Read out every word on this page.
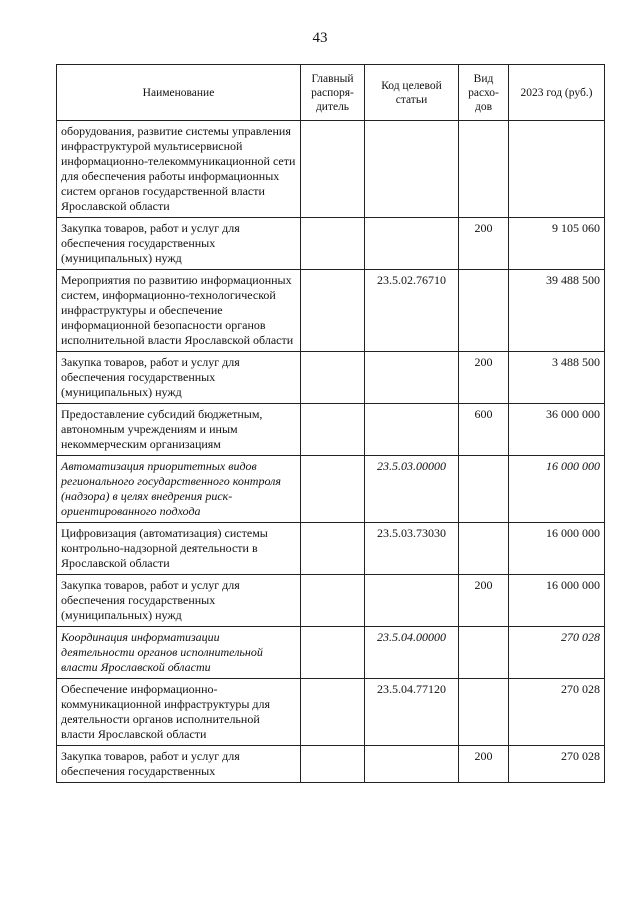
43
Наименование	Главный распоря-дитель	Код целевой статьи	Вид расхо-дов	2023 год (руб.)
оборудования, развитие системы управления инфраструктурой мультисервисной информационно-телекоммуникационной сети для обеспечения работы информационных систем органов государственной власти Ярославской области				
Закупка товаров, работ и услуг для обеспечения государственных (муниципальных) нужд			200	9 105 060
Мероприятия по развитию информационных систем, информационно-технологической инфраструктуры и обеспечение информационной безопасности органов исполнительной власти Ярославской области		23.5.02.76710		39 488 500
Закупка товаров, работ и услуг для обеспечения государственных (муниципальных) нужд			200	3 488 500
Предоставление субсидий бюджетным, автономным учреждениям и иным некоммерческим организациям			600	36 000 000
Автоматизация приоритетных видов регионального государственного контроля (надзора) в целях внедрения риск-ориентированного подхода		23.5.03.00000		16 000 000
Цифровизация (автоматизация) системы контрольно-надзорной деятельности в Ярославской области		23.5.03.73030		16 000 000
Закупка товаров, работ и услуг для обеспечения государственных (муниципальных) нужд			200	16 000 000
Координация информатизации деятельности органов исполнительной власти Ярославской области		23.5.04.00000		270 028
Обеспечение информационно-коммуникационной инфраструктуры для деятельности органов исполнительной власти Ярославской области		23.5.04.77120		270 028
Закупка товаров, работ и услуг для обеспечения государственных			200	270 028
